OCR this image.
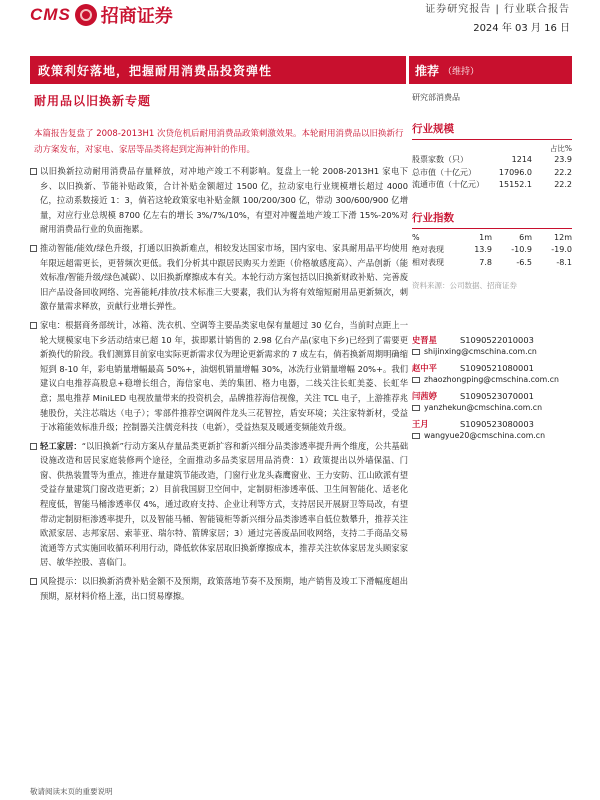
CMS 招商证券	证券研究报告 | 行业联合报告
2024 年 03 月 16 日
政策利好落地，把握耐用消费品投资弹性	推荐 （维持）
耐用品以旧换新专题
本篇报告复盘了 2008-2013H1 次贷危机后耐用消费品政策刺激效果。本轮耐用消费品以旧换新行动方案发布，对家电、家居等品类将起到定海神针的作用。
以旧换新拉动耐用消费品存量释放，对冲地产竣工不利影响。复盘上一轮 2008-2013H1 家电下乡、以旧换新、节能补贴政策，合计补贴金额超过 1500 亿，拉动家电行业规模增长超过 4000 亿，拉动系数接近 1：3，倘若这轮政策家电补贴金额 100/200/300 亿，带动 300/600/900 亿增量，对应行业总规模 8700 亿左右的增长 3%/7%/10%，有望对冲覆盖地产竣工下滑 15%-20%对耐用消费品行业的负面拖累。
推动智能/能效/绿色升级，打通以旧换新难点，相较发达国家市场，国内家电、家具耐用品平均使用年限远超需更长，更替频次更低。我们分析其中跟居民购买力差距（价格敏感度高）、产品创新（能效标准/智能升级/绿色减碳）、以旧换新摩擦成本有关。本轮行动方案包括以旧换新财政补贴、完善废旧产品设备回收网络、完善能耗/排放/技术标准三大要素，我们认为将有效缩短耐用品更新频次，刺激存量需求释放，贡献行业增长弹性。
家电：根据商务部统计，冰箱、洗衣机、空调等主要品类家电保有量超过 30 亿台，当前时点距上一轮大规模家电下乡活动结束已超 10 年，拔即累计销售的 2.98 亿台产品(家电下乡)已经到了需要更新换代的阶段。我们测算目前家电实际更新需求仅为理论更新需求的 7 成左右，倘若换新周期明确缩短到 8-10 年，彩电销量增幅最高 50%+，油烟机销量增幅 30%，冰洗行业销量增幅 20%+。我们建议白电推荐高股息+稳增长组合，海信家电、美的集团、格力电器，二线关注长虹美菱、长虹华意；黑电推荐 MiniLED 电视放量带来的投资机会，品牌推荐海信视像，关注 TCL 电子，上游推荐兆驰股份，关注芯瑞达（电子）；零部件推荐空调阀件龙头三花智控，盾安环境；关注家特新材，受益于冰箱能效标准升级；控制器关注儒竞科技（电新），受益热泵及暖通变频能效升级。
轻工家居：“以旧换新”行动方案从存量品类更新扩容和新兴细分品类渗透率提升两个维度，公共基础设施改造和居民家庭装修两个途径，全面推动多品类家居用品消费：1）政策提出以外墙保温、门窗、供热装置等为重点，推进存量建筑节能改造，门窗行业龙头森鹰窗业、王力安防、江山欧派有望受益存量建筑门窗改造更新；2）目前我国厨卫空间中，定制厨柜渗透率低、卫生间智能化、适老化程度低，智能马桶渗透率仅 4%，通过政府支持、企业让利等方式，支持居民开展厨卫等局改，有望带动定制厨柜渗透率提升，以及智能马桶、智能镜柜等新兴细分品类渗透率自低位数攀升，推荐关注欧派家居、志邦家居、索菲亚、瑞尔特、箭牌家居；3）通过完善废品回收网络，支持二手商品交易流通等方式实施回收循环利用行动，降低软体家居取旧换新摩擦成本，推荐关注软体家居龙头顾家家居、敏华控股、喜临门。
风险提示：以旧换新消费补贴金额不及预期，政策落地节奏不及预期，地产销售及竣工下滑幅度超出预期，原材料价格上涨，出口贸易摩擦。
研究部消费品
行业规模
占比%
股票家数（只）	1214	23.9
总市值（十亿元）	17096.0	22.2
流通市值（十亿元）	15152.1	22.2
行业指数
%	1m	6m	12m
绝对表现	13.9	-10.9	-19.0
相对表现	7.8	-6.5	-8.1
资料来源：公司数据、招商证券
史晋星	S1090522010003
shijinxing@cmschina.com.cn
赵中平	S1090521080001
zhaozhongping@cmschina.com.cn
闫茜婷	S1090523070001
yanzhekun@cmschina.com.cn
王月	S1090523080003
wangyue20@cmschina.com.cn
敬请阅读末页的重要说明
